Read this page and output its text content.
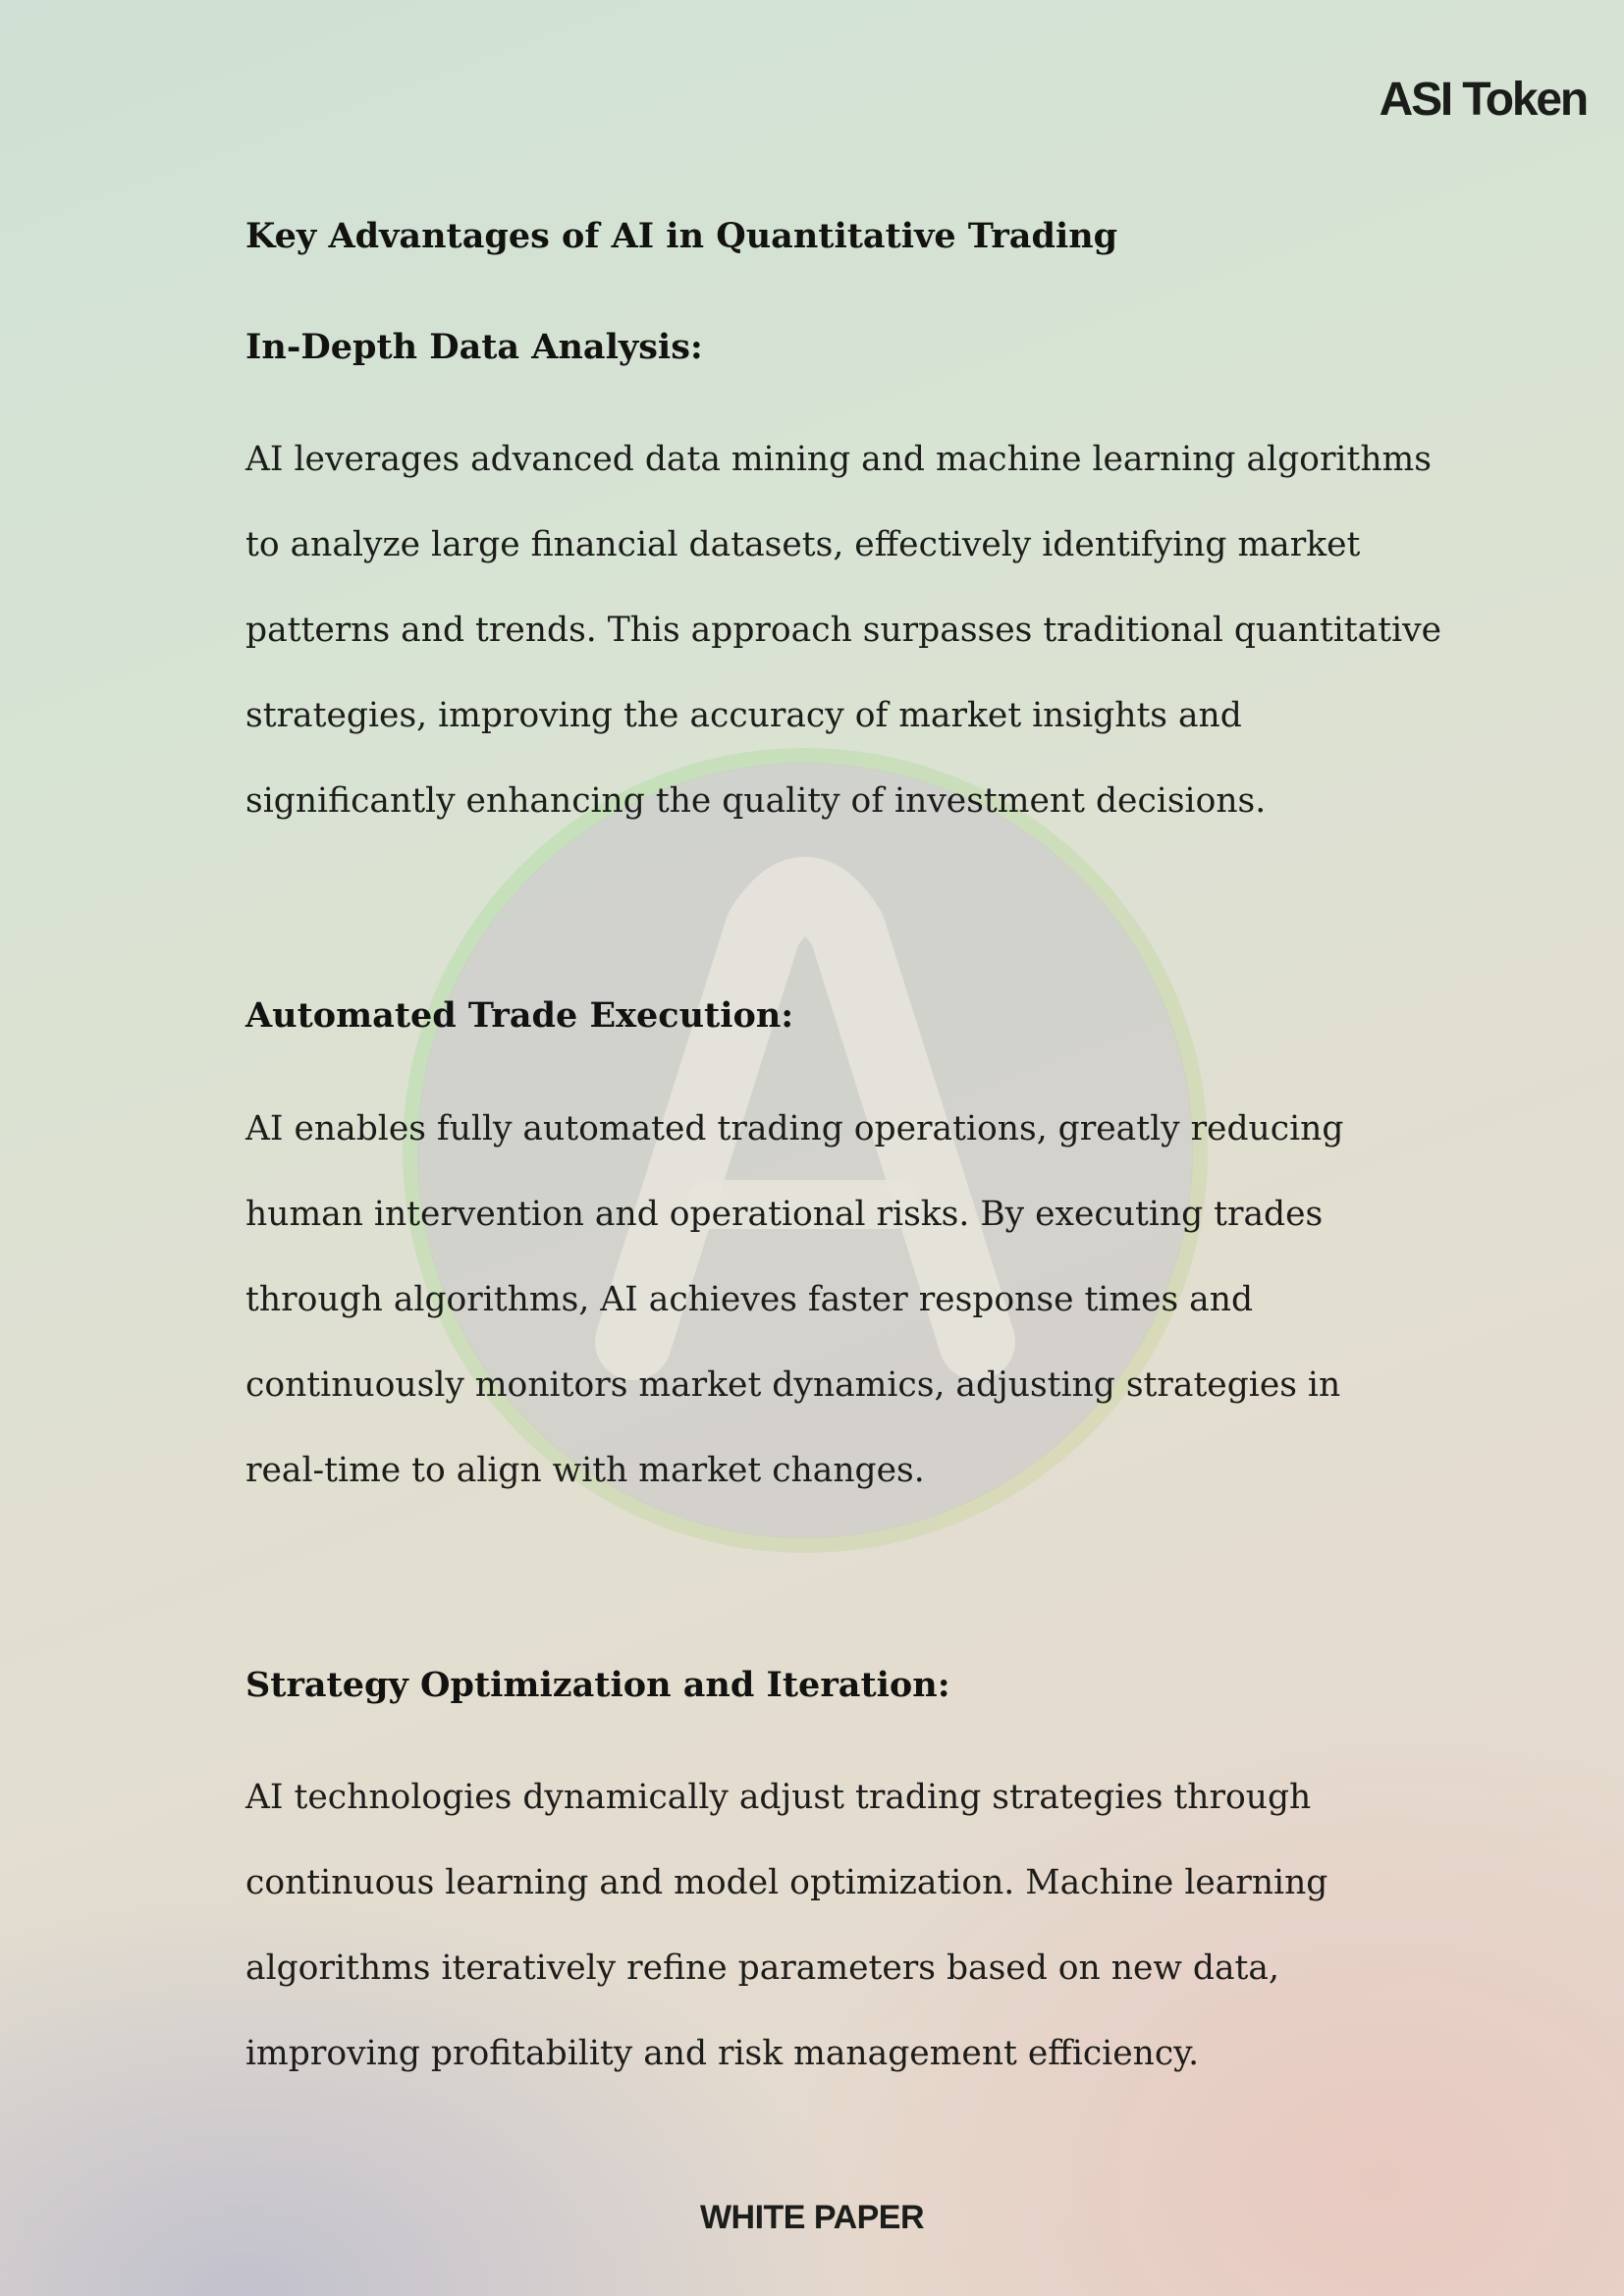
ASI Token
Key Advantages of AI in Quantitative Trading
In-Depth Data Analysis:

AI leverages advanced data mining and machine learning algorithms

to analyze large financial datasets, effectively identifying market

patterns and trends. This approach surpasses traditional quantitative

strategies, improving the accuracy of market insights and

significantly enhancing the quality of investment decisions.

Automated Trade Execution:

AI enables fully automated trading operations, greatly reducing

human intervention and operational risks. By executing trades

through algorithms, AI achieves faster response times and

continuously monitors market dynamics, adjusting strategies in

real-time to align with market changes.

Strategy Optimization and Iteration:

AI technologies dynamically adjust trading strategies through

continuous learning and model optimization. Machine learning

algorithms iteratively refine parameters based on new data,

improving profitability and risk management efficiency.

WHITE PAPER
